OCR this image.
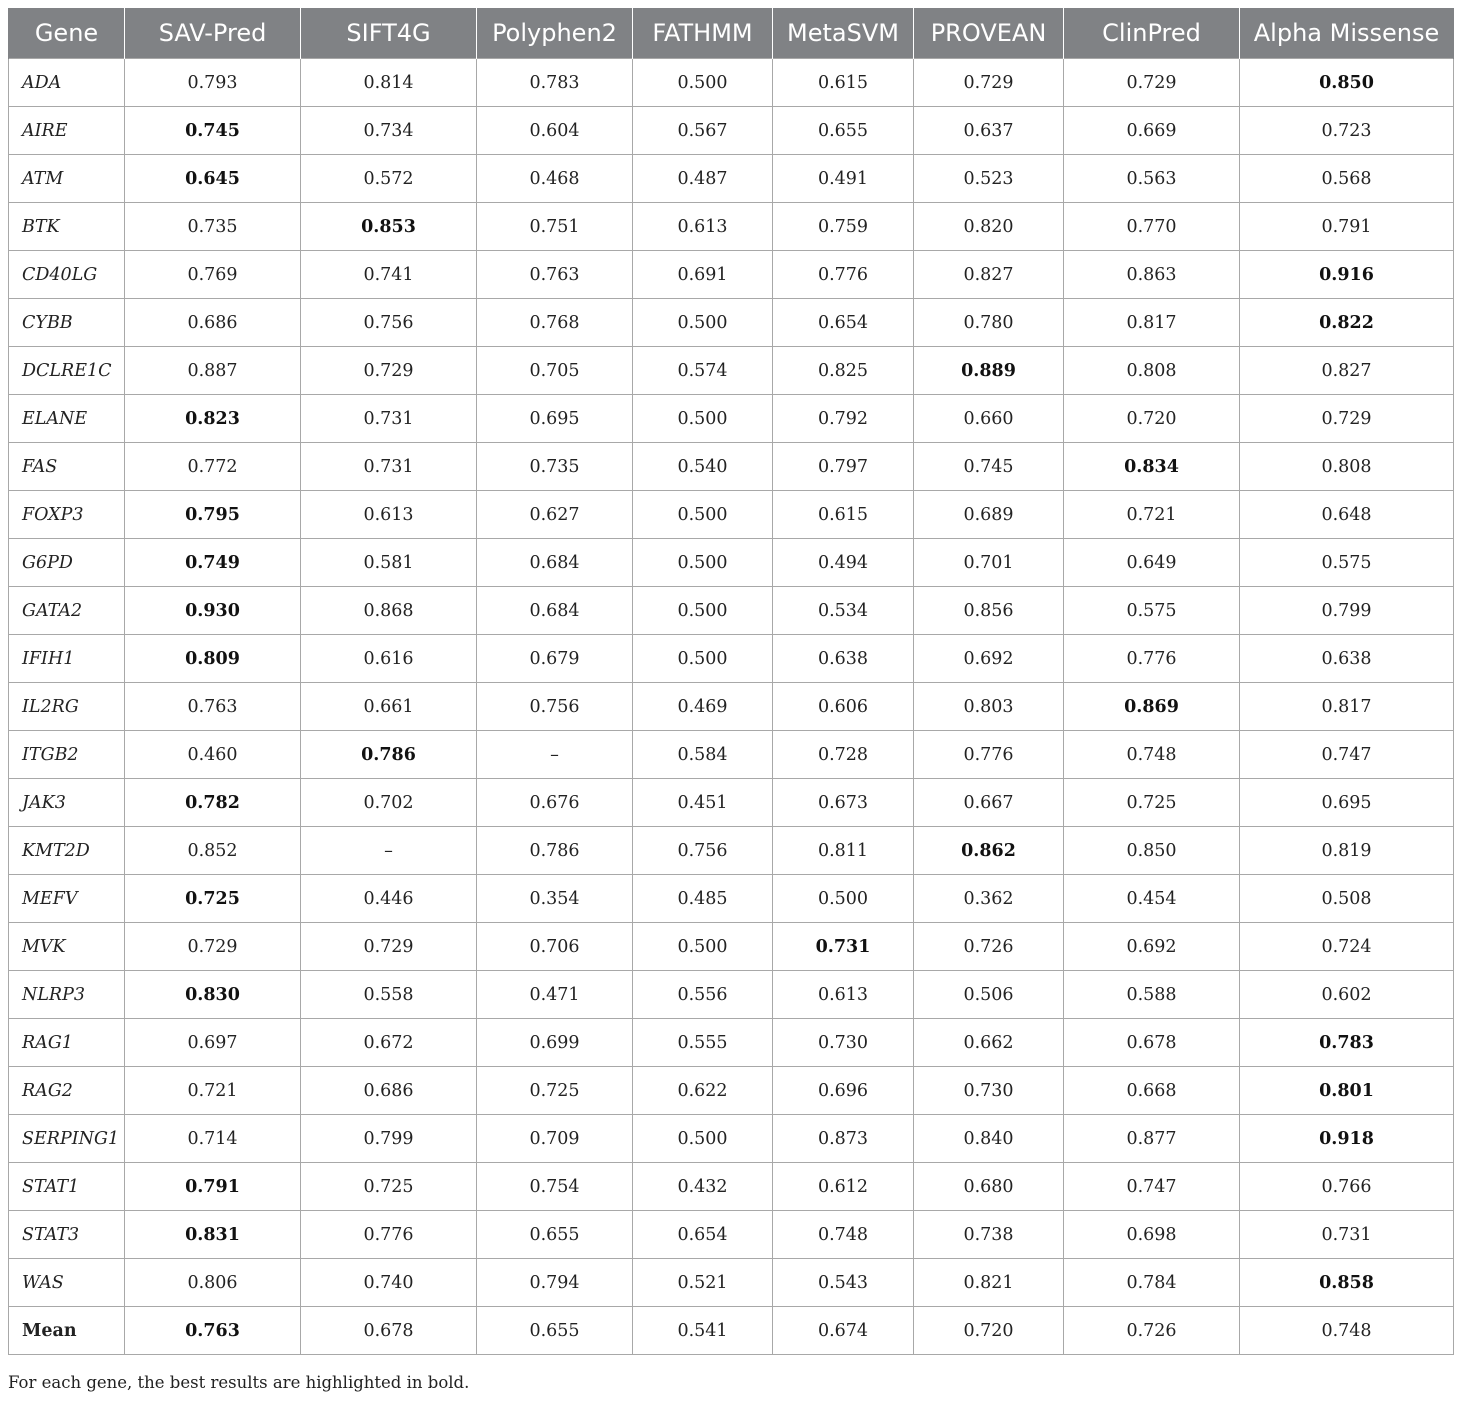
Gene	SAV-Pred	SIFT4G	Polyphen2	FATHMM	MetaSVM	PROVEAN	ClinPred	Alpha Missense
ADA	0.793	0.814	0.783	0.500	0.615	0.729	0.729	0.850
AIRE	0.745	0.734	0.604	0.567	0.655	0.637	0.669	0.723
ATM	0.645	0.572	0.468	0.487	0.491	0.523	0.563	0.568
BTK	0.735	0.853	0.751	0.613	0.759	0.820	0.770	0.791
CD40LG	0.769	0.741	0.763	0.691	0.776	0.827	0.863	0.916
CYBB	0.686	0.756	0.768	0.500	0.654	0.780	0.817	0.822
DCLRE1C	0.887	0.729	0.705	0.574	0.825	0.889	0.808	0.827
ELANE	0.823	0.731	0.695	0.500	0.792	0.660	0.720	0.729
FAS	0.772	0.731	0.735	0.540	0.797	0.745	0.834	0.808
FOXP3	0.795	0.613	0.627	0.500	0.615	0.689	0.721	0.648
G6PD	0.749	0.581	0.684	0.500	0.494	0.701	0.649	0.575
GATA2	0.930	0.868	0.684	0.500	0.534	0.856	0.575	0.799
IFIH1	0.809	0.616	0.679	0.500	0.638	0.692	0.776	0.638
IL2RG	0.763	0.661	0.756	0.469	0.606	0.803	0.869	0.817
ITGB2	0.460	0.786	–	0.584	0.728	0.776	0.748	0.747
JAK3	0.782	0.702	0.676	0.451	0.673	0.667	0.725	0.695
KMT2D	0.852	–	0.786	0.756	0.811	0.862	0.850	0.819
MEFV	0.725	0.446	0.354	0.485	0.500	0.362	0.454	0.508
MVK	0.729	0.729	0.706	0.500	0.731	0.726	0.692	0.724
NLRP3	0.830	0.558	0.471	0.556	0.613	0.506	0.588	0.602
RAG1	0.697	0.672	0.699	0.555	0.730	0.662	0.678	0.783
RAG2	0.721	0.686	0.725	0.622	0.696	0.730	0.668	0.801
SERPING1	0.714	0.799	0.709	0.500	0.873	0.840	0.877	0.918
STAT1	0.791	0.725	0.754	0.432	0.612	0.680	0.747	0.766
STAT3	0.831	0.776	0.655	0.654	0.748	0.738	0.698	0.731
WAS	0.806	0.740	0.794	0.521	0.543	0.821	0.784	0.858
Mean	0.763	0.678	0.655	0.541	0.674	0.720	0.726	0.748

For each gene, the best results are highlighted in bold.
